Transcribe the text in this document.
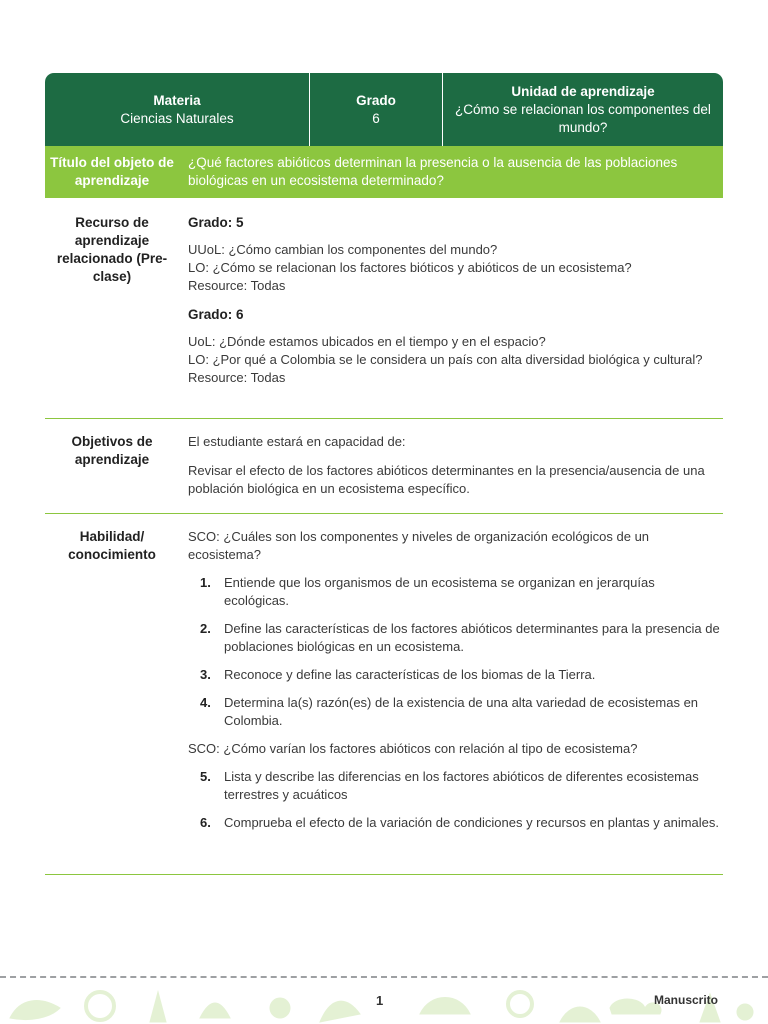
Materia
Ciencias Naturales
Grado
6
Unidad de aprendizaje
¿Cómo se relacionan los componentes del mundo?
Título del objeto de aprendizaje
¿Qué factores abióticos determinan la presencia o la ausencia de las poblaciones biológicas en un ecosistema determinado?
Recurso de aprendizaje relacionado (Pre-clase)

Grado: 5

UUoL: ¿Cómo cambian los componentes del mundo?

LO: ¿Cómo se relacionan los factores bióticos y abióticos de un ecosistema?

Resource: Todas

Grado: 6

UoL: ¿Dónde estamos ubicados en el tiempo y en el espacio?

LO: ¿Por qué a Colombia se le considera un país con alta diversidad biológica y cultural?

Resource: Todas

Objetivos de aprendizaje

El estudiante estará en capacidad de:

Revisar el efecto de los factores abióticos determinantes en la presencia/ausencia de una población biológica en un ecosistema específico.

Habilidad/ conocimiento

SCO: ¿Cuáles son los componentes y niveles de organización ecológicos de un ecosistema?

1. Entiende que los organismos de un ecosistema se organizan en jerarquías ecológicas.
2. Define las características de los factores abióticos determinantes para la presencia de poblaciones biológicas en un ecosistema.
3. Reconoce y define las características de los biomas de la Tierra.
4. Determina la(s) razón(es) de la existencia de una alta variedad de ecosistemas en Colombia.

SCO: ¿Cómo varían los factores abióticos con relación al tipo de ecosistema?

5. Lista y describe las diferencias en los factores abióticos de diferentes ecosistemas terrestres y acuáticos
6. Comprueba el efecto de la variación de condiciones y recursos en plantas y animales.
1	Manuscrito
